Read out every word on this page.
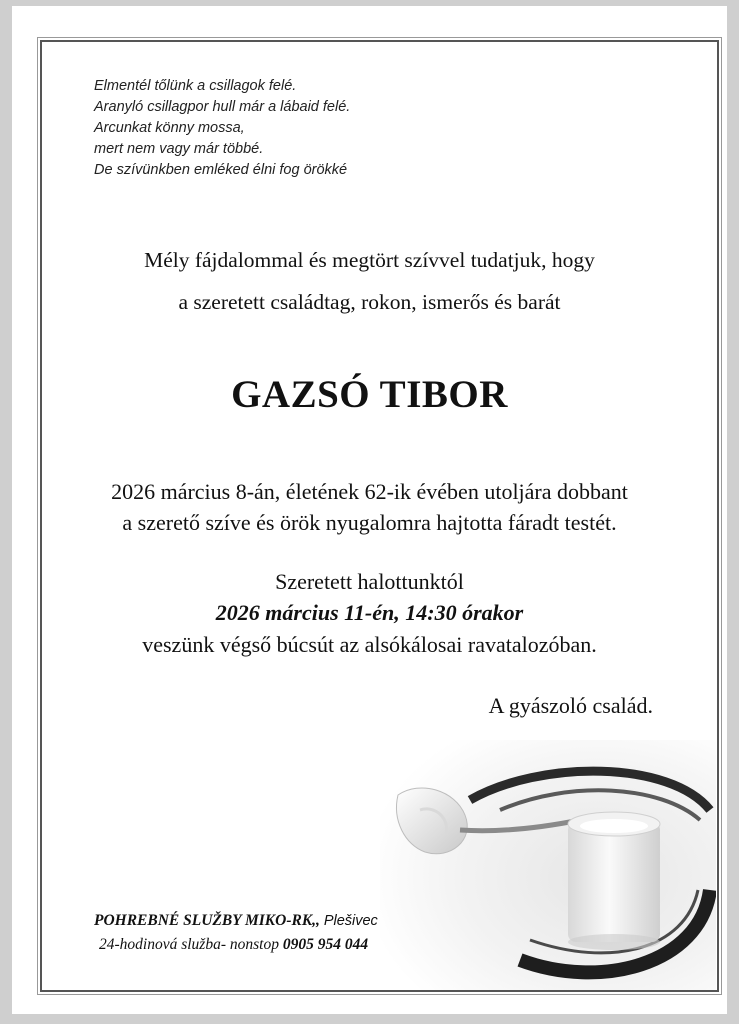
Elmentél tőlünk a csillagok felé.
Aranyló csillagpor hull már a lábaid felé.
Arcunkat könny mossa,
mert nem vagy már többé.
De szívünkben emléked élni fog örökké
Mély fájdalommal és megtört szívvel tudatjuk, hogy
a szeretett családtag, rokon, ismerős és barát
GAZSÓ TIBOR
2026 március 8-án, életének 62-ik évében utoljára dobbant
a szerető szíve és örök nyugalomra hajtotta fáradt testét.
Szeretett halottunktól
2026 március 11-én, 14:30 órakor
veszünk végső búcsút az alsókálosai ravatalozóban.
A gyászoló család.
POHREBNÉ SLUŽBY MIKO-RK,, Plešivec
24-hodinová služba- nonstop 0905 954 044
